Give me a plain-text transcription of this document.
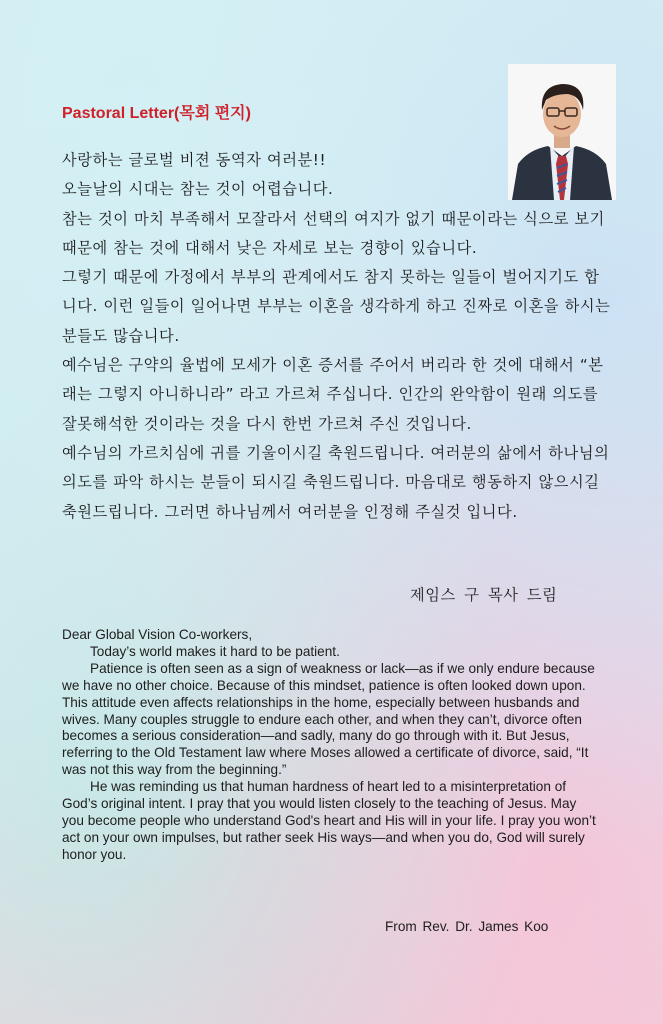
Pastoral Letter(목회 편지)

사랑하는 글로벌 비젼 동역자 여러분!!

오늘날의 시대는 참는 것이 어렵습니다.

참는 것이 마치 부족해서 모잘라서 선택의 여지가 없기 때문이라는 식으로 보기 때문에 참는 것에 대해서 낮은 자세로 보는 경향이 있습니다.

그렇기 때문에 가정에서 부부의 관계에서도 참지 못하는 일들이 벌어지기도 합니다. 이런 일들이 일어나면 부부는 이혼을 생각하게 하고 진짜로 이혼을 하시는 분들도 많습니다.

예수님은 구약의 율법에 모세가 이혼 증서를 주어서 버리라 한 것에 대해서 “본래는 그렇지 아니하니라” 라고 가르쳐 주십니다. 인간의 완악함이 원래 의도를 잘못해석한 것이라는 것을 다시 한번 가르쳐 주신 것입니다.

예수님의 가르치심에 귀를 기울이시길 축원드립니다. 여러분의 삶에서 하나님의 의도를 파악 하시는 분들이 되시길 축원드립니다. 마음대로 행동하지 않으시길 축원드립니다. 그러면 하나님께서 여러분을 인정해 주실것 입니다.

제임스 구 목사 드림

Dear Global Vision Co-workers,

Today’s world makes it hard to be patient.

Patience is often seen as a sign of weakness or lack—as if we only endure because we have no other choice. Because of this mindset, patience is often looked down upon. This attitude even affects relationships in the home, especially between husbands and wives. Many couples struggle to endure each other, and when they can’t, divorce often becomes a serious consideration—and sadly, many do go through with it. But Jesus, referring to the Old Testament law where Moses allowed a certificate of divorce, said, “It was not this way from the beginning.”

He was reminding us that human hardness of heart led to a misinterpretation of God’s original intent. I pray that you would listen closely to the teaching of Jesus. May you become people who understand God's heart and His will in your life. I pray you won’t act on your own impulses, but rather seek His ways—and when you do, God will surely honor you.

From Rev. Dr. James Koo
